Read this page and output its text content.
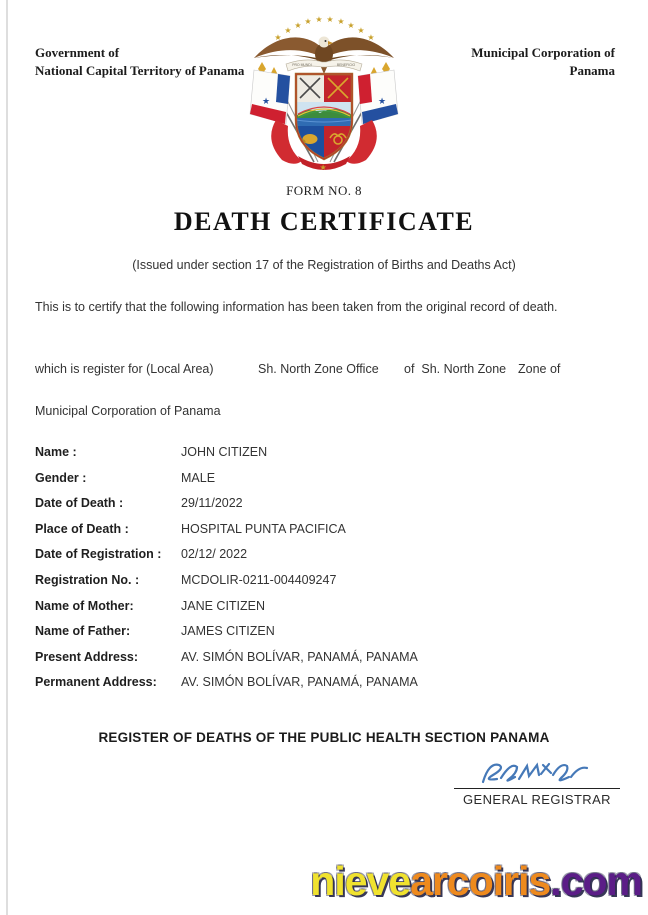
Government of
National Capital Territory of Panama
Municipal Corporation of
Panama
★
★
★ ★ ★ ★ ★ ★
★
★
★	★
PRO MUNDI	BENEFICIO
★
FORM NO. 8
DEATH CERTIFICATE
(Issued under section 17 of the Registration of Births and Deaths Act)
This is to certify that the following information has been taken from the original record of death.
which is register for (Local Area)	Sh. North Zone Office of  Sh. North Zone Zone of
Municipal Corporation of Panama
Name :	JOHN CITIZEN
Gender :	MALE
Date of Death :	29/11/2022
Place of Death :	HOSPITAL PUNTA PACIFICA
Date of Registration :	02/12/ 2022
Registration No. :	MCDOLIR-0211-004409247
Name of Mother:	JANE CITIZEN
Name of Father:	JAMES CITIZEN
Present Address:	AV. SIMÓN BOLÍVAR, PANAMÁ, PANAMA
Permanent Address:	AV. SIMÓN BOLÍVAR, PANAMÁ, PANAMA
REGISTER OF DEATHS OF THE PUBLIC HEALTH SECTION PANAMA
GENERAL REGISTRAR
nievearcoiris.com
